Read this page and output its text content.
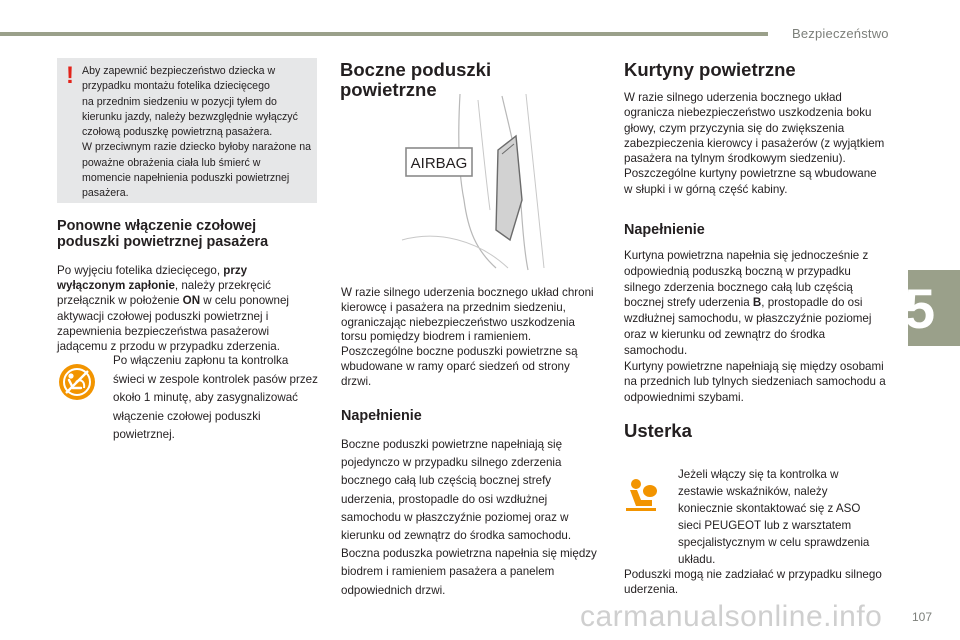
Bezpieczeństwo
5
! Aby zapewnić bezpieczeństwo dziecka w przypadku montażu fotelika dziecięcego
na przednim siedzeniu w pozycji tyłem do kierunku jazdy, należy bezwzględnie wyłączyć czołową poduszkę powietrzną pasażera.
W przeciwnym razie dziecko byłoby narażone na poważne obrażenia ciała lub śmierć w momencie napełnienia poduszki powietrznej pasażera.
Ponowne włączenie czołowej poduszki powietrznej pasażera

Po wyjęciu fotelika dziecięcego, przy wyłączonym zapłonie, należy przekręcić przełącznik w położenie ON w celu ponownej aktywacji czołowej poduszki powietrznej i zapewnienia bezpieczeństwa pasażerowi jadącemu z przodu w przypadku zderzenia.

Po włączeniu zapłonu ta kontrolka świeci w zespole kontrolek pasów przez około 1 minutę, aby zasygnalizować włączenie czołowej poduszki powietrznej.

Boczne poduszki powietrzne
AIRBAG

W razie silnego uderzenia bocznego układ chroni kierowcę i pasażera na przednim siedzeniu, ograniczając niebezpieczeństwo uszkodzenia torsu pomiędzy biodrem i ramieniem.
Poszczególne boczne poduszki powietrzne są wbudowane w ramy oparć siedzeń od strony drzwi.

Napełnienie

Boczne poduszki powietrzne napełniają się pojedynczo w przypadku silnego zderzenia bocznego całą lub częścią bocznej strefy uderzenia, prostopadle do osi wzdłużnej samochodu w płaszczyźnie poziomej oraz w kierunku od zewnątrz do środka samochodu.
Boczna poduszka powietrzna napełnia się między biodrem i ramieniem pasażera a panelem odpowiednich drzwi.

Kurtyny powietrzne

W razie silnego uderzenia bocznego układ ogranicza niebezpieczeństwo uszkodzenia boku głowy, czym przyczynia się do zwiększenia zabezpieczenia kierowcy i pasażerów (z wyjątkiem pasażera na tylnym środkowym siedzeniu).
Poszczególne kurtyny powietrzne są wbudowane w słupki i w górną część kabiny.

Napełnienie

Kurtyna powietrzna napełnia się jednocześnie z odpowiednią poduszką boczną w przypadku silnego zderzenia bocznego całą lub częścią bocznej strefy uderzenia B, prostopadle do osi wzdłużnej samochodu, w płaszczyźnie poziomej oraz w kierunku od zewnątrz do środka samochodu.
Kurtyny powietrzne napełniają się między osobami na przednich lub tylnych siedzeniach samochodu a odpowiednimi szybami.

Usterka

Jeżeli włączy się ta kontrolka w zestawie wskaźników, należy koniecznie skontaktować się z ASO sieci PEUGEOT lub z warsztatem specjalistycznym w celu sprawdzenia układu.

Poduszki mogą nie zadziałać w przypadku silnego uderzenia.

carmanualsonline.info 107
